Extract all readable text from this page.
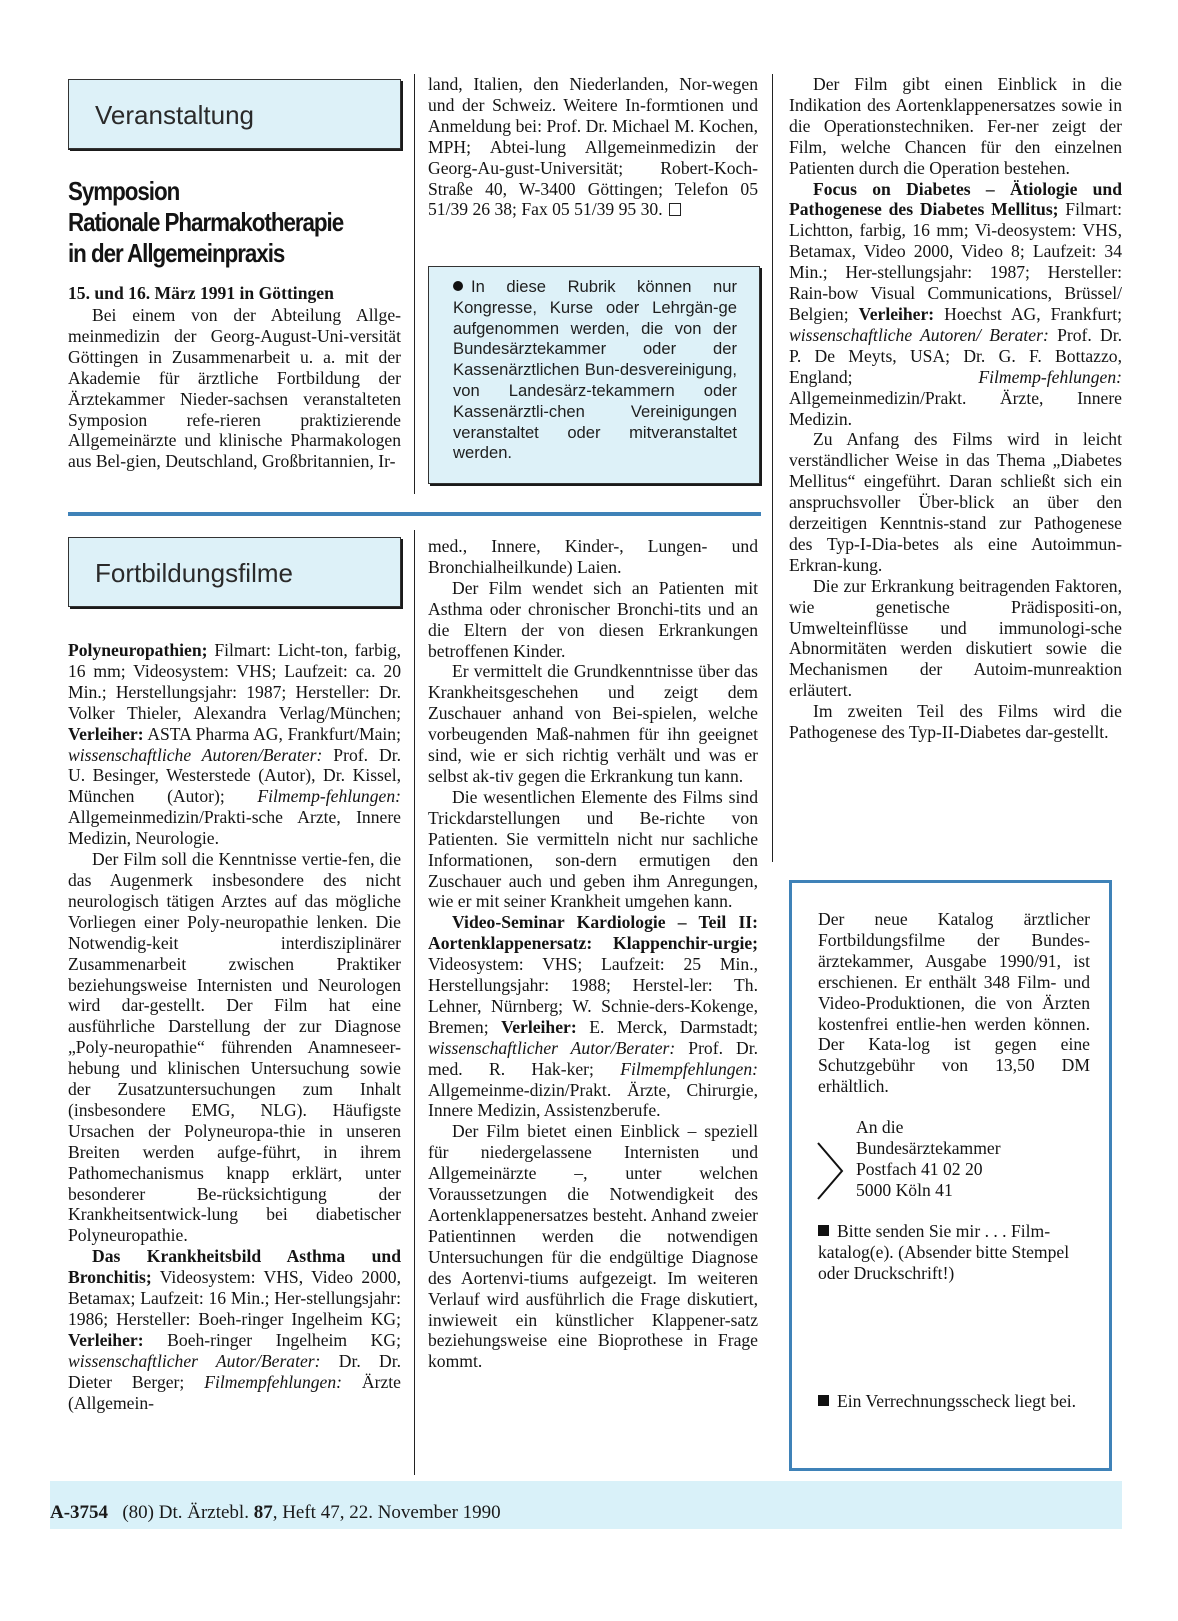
Veranstaltung
Symposion
Rationale Pharmakotherapie
in der Allgemeinpraxis
15. und 16. März 1991 in Göttingen

Bei einem von der Abteilung Allge-meinmedizin der Georg-August-Uni-versität Göttingen in Zusammenarbeit u. a. mit der Akademie für ärztliche Fortbildung der Ärztekammer Nieder-sachsen veranstalteten Symposion refe-rieren praktizierende Allgemeinärzte und klinische Pharmakologen aus Bel-gien, Deutschland, Großbritannien, Ir-

land, Italien, den Niederlanden, Nor-wegen und der Schweiz. Weitere In-formtionen und Anmeldung bei: Prof. Dr. Michael M. Kochen, MPH; Abtei-lung Allgemeinmedizin der Georg-Au-gust-Universität; Robert-Koch-Straße 40, W-3400 Göttingen; Telefon 05 51/39 26 38; Fax 05 51/39 95 30.

In diese Rubrik können nur Kongresse, Kurse oder Lehrgän-ge aufgenommen werden, die von der Bundesärztekammer oder der Kassenärztlichen Bun-desvereinigung, von Landesärz-tekammern oder Kassenärztli-chen Vereinigungen veranstaltet oder mitveranstaltet werden.
Fortbildungsfilme

Polyneuropathien; Filmart: Licht-ton, farbig, 16 mm; Videosystem: VHS; Laufzeit: ca. 20 Min.; Herstellungsjahr: 1987; Hersteller: Dr. Volker Thieler, Alexandra Verlag/München; Verleiher: ASTA Pharma AG, Frankfurt/Main; wissenschaftliche Autoren/Berater: Prof. Dr. U. Besinger, Westerstede (Autor), Dr. Kissel, München (Autor); Filmemp-fehlungen: Allgemeinmedizin/Prakti-sche Arzte, Innere Medizin, Neurologie.

Der Film soll die Kenntnisse vertie-fen, die das Augenmerk insbesondere des nicht neurologisch tätigen Arztes auf das mögliche Vorliegen einer Poly-neuropathie lenken. Die Notwendig-keit interdisziplinärer Zusammenarbeit zwischen Praktiker beziehungsweise Internisten und Neurologen wird dar-gestellt. Der Film hat eine ausführliche Darstellung der zur Diagnose „Poly-neuropathie“ führenden Anamneseer-hebung und klinischen Untersuchung sowie der Zusatzuntersuchungen zum Inhalt (insbesondere EMG, NLG). Häufigste Ursachen der Polyneuropa-thie in unseren Breiten werden aufge-führt, in ihrem Pathomechanismus knapp erklärt, unter besonderer Be-rücksichtigung der Krankheitsentwick-lung bei diabetischer Polyneuropathie.

Das Krankheitsbild Asthma und Bronchitis; Videosystem: VHS, Video 2000, Betamax; Laufzeit: 16 Min.; Her-stellungsjahr: 1986; Hersteller: Boeh-ringer Ingelheim KG; Verleiher: Boeh-ringer Ingelheim KG; wissenschaftlicher Autor/Berater: Dr. Dr. Dieter Berger; Filmempfehlungen: Ärzte (Allgemein-

med., Innere, Kinder-, Lungen- und Bronchialheilkunde) Laien.

Der Film wendet sich an Patienten mit Asthma oder chronischer Bronchi-tits und an die Eltern der von diesen Erkrankungen betroffenen Kinder.

Er vermittelt die Grundkenntnisse über das Krankheitsgeschehen und zeigt dem Zuschauer anhand von Bei-spielen, welche vorbeugenden Maß-nahmen für ihn geeignet sind, wie er sich richtig verhält und was er selbst ak-tiv gegen die Erkrankung tun kann.

Die wesentlichen Elemente des Films sind Trickdarstellungen und Be-richte von Patienten. Sie vermitteln nicht nur sachliche Informationen, son-dern ermutigen den Zuschauer auch und geben ihm Anregungen, wie er mit seiner Krankheit umgehen kann.

Video-Seminar Kardiologie – Teil II: Aortenklappenersatz: Klappenchir-urgie; Videosystem: VHS; Laufzeit: 25 Min., Herstellungsjahr: 1988; Herstel-ler: Th. Lehner, Nürnberg; W. Schnie-ders-Kokenge, Bremen; Verleiher: E. Merck, Darmstadt; wissenschaftlicher Autor/Berater: Prof. Dr. med. R. Hak-ker; Filmempfehlungen: Allgemeinme-dizin/Prakt. Ärzte, Chirurgie, Innere Medizin, Assistenzberufe.

Der Film bietet einen Einblick – speziell für niedergelassene Internisten und Allgemeinärzte –, unter welchen Voraussetzungen die Notwendigkeit des Aortenklappenersatzes besteht. Anhand zweier Patientinnen werden die notwendigen Untersuchungen für die endgültige Diagnose des Aortenvi-tiums aufgezeigt. Im weiteren Verlauf wird ausführlich die Frage diskutiert, inwieweit ein künstlicher Klappener-satz beziehungsweise eine Bioprothese in Frage kommt.

Der Film gibt einen Einblick in die Indikation des Aortenklappenersatzes sowie in die Operationstechniken. Fer-ner zeigt der Film, welche Chancen für den einzelnen Patienten durch die Operation bestehen.

Focus on Diabetes – Ätiologie und Pathogenese des Diabetes Mellitus; Filmart: Lichtton, farbig, 16 mm; Vi-deosystem: VHS, Betamax, Video 2000, Video 8; Laufzeit: 34 Min.; Her-stellungsjahr: 1987; Hersteller: Rain-bow Visual Communications, Brüssel/ Belgien; Verleiher: Hoechst AG, Frankfurt; wissenschaftliche Autoren/ Berater: Prof. Dr. P. De Meyts, USA; Dr. G. F. Bottazzo, England; Filmemp-fehlungen: Allgemeinmedizin/Prakt. Ärzte, Innere Medizin.

Zu Anfang des Films wird in leicht verständlicher Weise in das Thema „Diabetes Mellitus“ eingeführt. Daran schließt sich ein anspruchsvoller Über-blick an über den derzeitigen Kenntnis-stand zur Pathogenese des Typ-I-Dia-betes als eine Autoimmun-Erkran-kung.

Die zur Erkrankung beitragenden Faktoren, wie genetische Prädispositi-on, Umwelteinflüsse und immunologi-sche Abnormitäten werden diskutiert sowie die Mechanismen der Autoim-munreaktion erläutert.

Im zweiten Teil des Films wird die Pathogenese des Typ-II-Diabetes dar-gestellt.

Der neue Katalog ärztlicher Fortbildungsfilme der Bundes-ärztekammer, Ausgabe 1990/91, ist erschienen. Er enthält 348 Film- und Video-Produktionen, die von Ärzten kostenfrei entlie-hen werden können. Der Kata-log ist gegen eine Schutzgebühr von 13,50 DM erhältlich.
An die
Bundesärztekammer
Postfach 41 02 20
5000 Köln 41
Bitte senden Sie mir . . . Film-katalog(e). (Absender bitte Stempel oder Druckschrift!)
Ein Verrechnungsscheck liegt bei.
A-3754 (80) Dt. Ärztebl. 87, Heft 47, 22. November 1990
